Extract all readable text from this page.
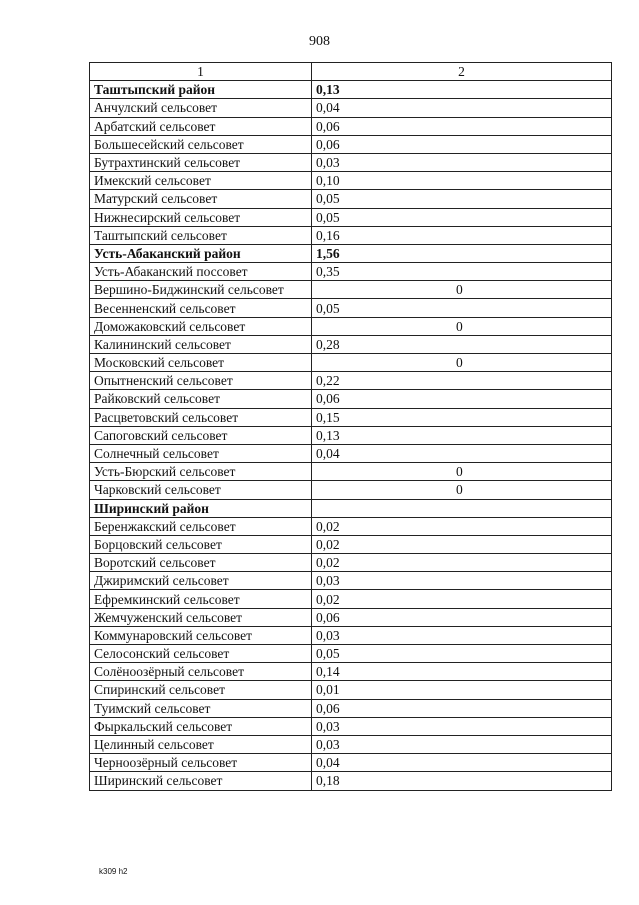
908
1	2
Таштыпский район	0,13
Анчулский сельсовет	0,04
Арбатский сельсовет	0,06
Большесейский сельсовет	0,06
Бутрахтинский сельсовет	0,03
Имекский сельсовет	0,10
Матурский сельсовет	0,05
Нижнесирский сельсовет	0,05
Таштыпский сельсовет	0,16
Усть-Абаканский район	1,56
Усть-Абаканский поссовет	0,35
Вершино-Биджинский сельсовет	0
Весенненский сельсовет	0,05
Доможаковский сельсовет	0
Калининский сельсовет	0,28
Московский сельсовет	0
Опытненский сельсовет	0,22
Райковский сельсовет	0,06
Расцветовский сельсовет	0,15
Сапоговский сельсовет	0,13
Солнечный сельсовет	0,04
Усть-Бюрский сельсовет	0
Чарковский сельсовет	0
Ширинский район	
Беренжакский сельсовет	0,02
Борцовский сельсовет	0,02
Воротский сельсовет	0,02
Джиримский сельсовет	0,03
Ефремкинский сельсовет	0,02
Жемчуженский сельсовет	0,06
Коммунаровский сельсовет	0,03
Селосонский сельсовет	0,05
Солёноозёрный сельсовет	0,14
Спиринский сельсовет	0,01
Туимский сельсовет	0,06
Фыркальский сельсовет	0,03
Целинный сельсовет	0,03
Черноозёрный сельсовет	0,04
Ширинский сельсовет	0,18
k309 h2
